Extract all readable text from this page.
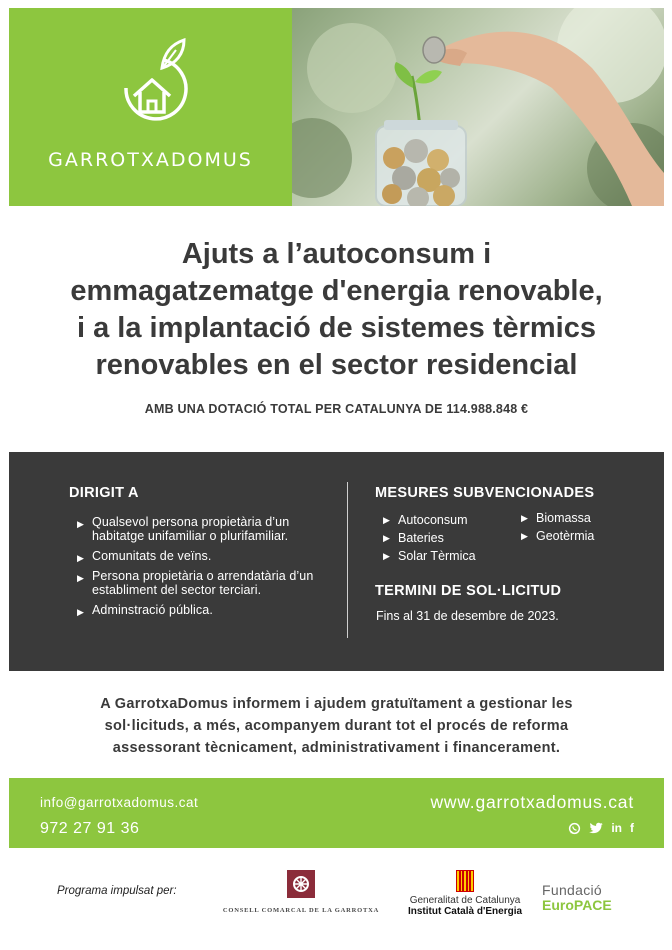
GARROTXADOMUS
Ajuts a l’autoconsum i
emmagatzematge d'energia renovable,
i a la implantació de sistemes tèrmics
renovables en el sector residencial
AMB UNA DOTACIÓ TOTAL PER CATALUNYA DE 114.988.848 €
DIRIGIT A
▶ Qualsevol persona propietària d’un habitatge unifamiliar o plurifamiliar.
▶ Comunitats de veïns.
▶ Persona propietària o arrendatària d’un establiment del sector terciari.
▶ Adminstració pública.
MESURES SUBVENCIONADES
▶ Autoconsum
▶ Bateries
▶ Solar Tèrmica
▶ Biomassa
▶ Geotèrmia
TERMINI DE SOL·LICITUD
Fins al 31 de desembre de 2023.
A GarrotxaDomus informem i ajudem gratuïtament a gestionar les
sol·licituds, a més, acompanyem durant tot el procés de reforma
assessorant tècnicament, administrativament i financerament.
info@garrotxadomus.cat
972 27 91 36
www.garrotxadomus.cat
in f
Programa impulsat per:
CONSELL COMARCAL DE LA GARROTXA
Generalitat de Catalunya
Institut Català d'Energia
Fundació
EuroPACE
